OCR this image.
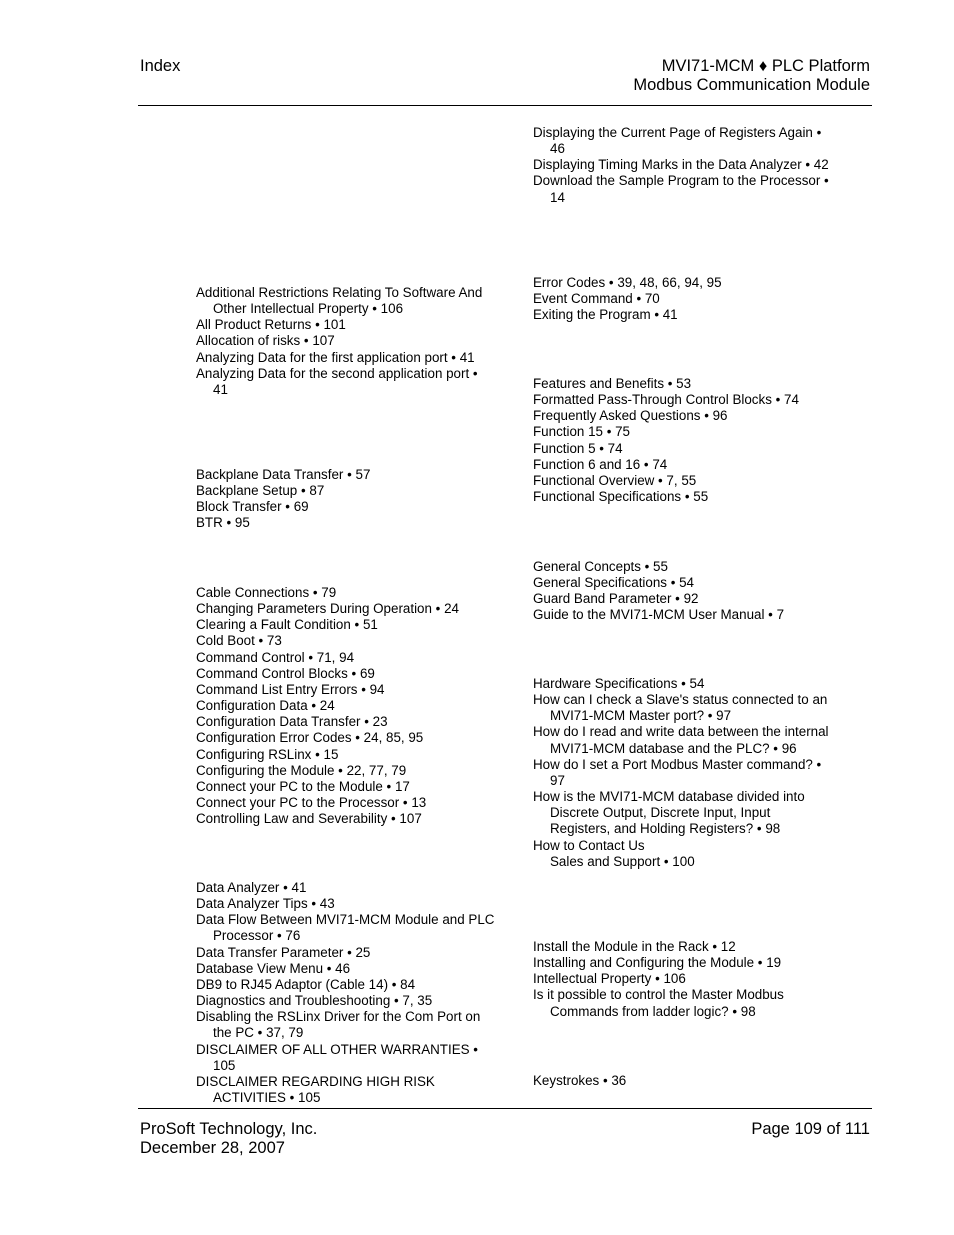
Index	MVI71-MCM ♦ PLC Platform
Modbus Communication Module
Additional Restrictions Relating To Software And Other Intellectual Property • 106
All Product Returns • 101
Allocation of risks • 107
Analyzing Data for the first application port • 41
Analyzing Data for the second application port • 41
Backplane Data Transfer • 57
Backplane Setup • 87
Block Transfer • 69
BTR • 95
Cable Connections • 79
Changing Parameters During Operation • 24
Clearing a Fault Condition • 51
Cold Boot • 73
Command Control • 71, 94
Command Control Blocks • 69
Command List Entry Errors • 94
Configuration Data • 24
Configuration Data Transfer • 23
Configuration Error Codes • 24, 85, 95
Configuring RSLinx • 15
Configuring the Module • 22, 77, 79
Connect your PC to the Module • 17
Connect your PC to the Processor • 13
Controlling Law and Severability • 107
Data Analyzer • 41
Data Analyzer Tips • 43
Data Flow Between MVI71-MCM Module and PLC Processor • 76
Data Transfer Parameter • 25
Database View Menu • 46
DB9 to RJ45 Adaptor (Cable 14) • 84
Diagnostics and Troubleshooting • 7, 35
Disabling the RSLinx Driver for the Com Port on the PC • 37, 79
DISCLAIMER OF ALL OTHER WARRANTIES • 105
DISCLAIMER REGARDING HIGH RISK ACTIVITIES • 105
Displaying the Current Page of Registers Again • 46
Displaying Timing Marks in the Data Analyzer • 42
Download the Sample Program to the Processor • 14
Error Codes • 39, 48, 66, 94, 95
Event Command • 70
Exiting the Program • 41
Features and Benefits • 53
Formatted Pass-Through Control Blocks • 74
Frequently Asked Questions • 96
Function 15 • 75
Function 5 • 74
Function 6 and 16 • 74
Functional Overview • 7, 55
Functional Specifications • 55
General Concepts • 55
General Specifications • 54
Guard Band Parameter • 92
Guide to the MVI71-MCM User Manual • 7
Hardware Specifications • 54
How can I check a Slave's status connected to an MVI71-MCM Master port? • 97
How do I read and write data between the internal MVI71-MCM database and the PLC? • 96
How do I set a Port Modbus Master command? • 97
How is the MVI71-MCM database divided into Discrete Output, Discrete Input, Input Registers, and Holding Registers? • 98
How to Contact Us
Sales and Support • 100
Install the Module in the Rack • 12
Installing and Configuring the Module • 19
Intellectual Property • 106
Is it possible to control the Master Modbus Commands from ladder logic? • 98
Keystrokes • 36
ProSoft Technology, Inc.
December 28, 2007
Page 109 of 111
